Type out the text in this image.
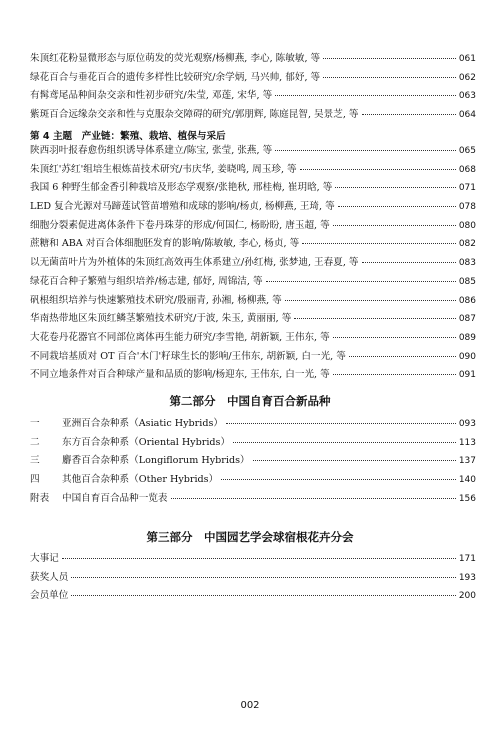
朱顶红花粉显微形态与原位萌发的荧光观察/杨柳燕, 李心, 陈敏敏, 等	061
绿花百合与垂花百合的遗传多样性比较研究/余学炳, 马兴帅, 郁妤, 等	062
有髯鸢尾品种间杂交亲和性初步研究/朱莹, 邓莲, 宋华, 等	063
紫斑百合远缘杂交亲和性与克服杂交障碍的研究/郭朋辉, 陈庭昆智, 吴景芝, 等	064
第 4 主题　产业链：繁殖、栽培、植保与采后
陕西羽叶报春愈伤组织诱导体系建立/陈宝, 张莹, 张燕, 等	065
朱顶红'苏红'组培生根炼苗技术研究/韦庆华, 姜晓鸣, 周玉珍, 等	068
我国 6 种野生郁金香引种栽培及形态学观察/张艳秋, 邢桂梅, 崔玥晗, 等	071
LED 复合光源对马蹄莲试管苗增殖和成球的影响/杨贞, 杨柳燕, 王琦, 等	078
细胞分裂素促进离体条件下卷丹珠芽的形成/何国仁, 杨盼盼, 唐玉超, 等	080
蔗糖和 ABA 对百合体细胞胚发育的影响/陈敏敏, 李心, 杨贞, 等	082
以无菌苗叶片为外植体的朱顶红高效再生体系建立/孙红梅, 张梦迪, 王春夏, 等	083
绿花百合种子繁殖与组织培养/杨志建, 郁妤, 周锦洁, 等	085
矾根组织培养与快速繁殖技术研究/殷丽青, 孙湘, 杨柳燕, 等	086
华南热带地区朱顶红鳞茎繁殖技术研究/于波, 朱玉, 黄丽丽, 等	087
大花卷丹花器官不同部位离体再生能力研究/李雪艳, 胡新颖, 王伟东, 等	089
不同栽培基质对 OT 百合'木门'籽球生长的影响/王伟东, 胡新颖, 白一光, 等	090
不同立地条件对百合种球产量和品质的影响/杨迎东, 王伟东, 白一光, 等	091
第二部分　中国自育百合新品种
一 亚洲百合杂种系（Asiatic Hybrids）	093
二 东方百合杂种系（Oriental Hybrids）	113
三 麝香百合杂种系（Longiflorum Hybrids）	137
四 其他百合杂种系（Other Hybrids）	140
附表 中国自育百合品种一览表	156
第三部分　中国园艺学会球宿根花卉分会
大事记	171
获奖人员	193
会员单位	200
002
